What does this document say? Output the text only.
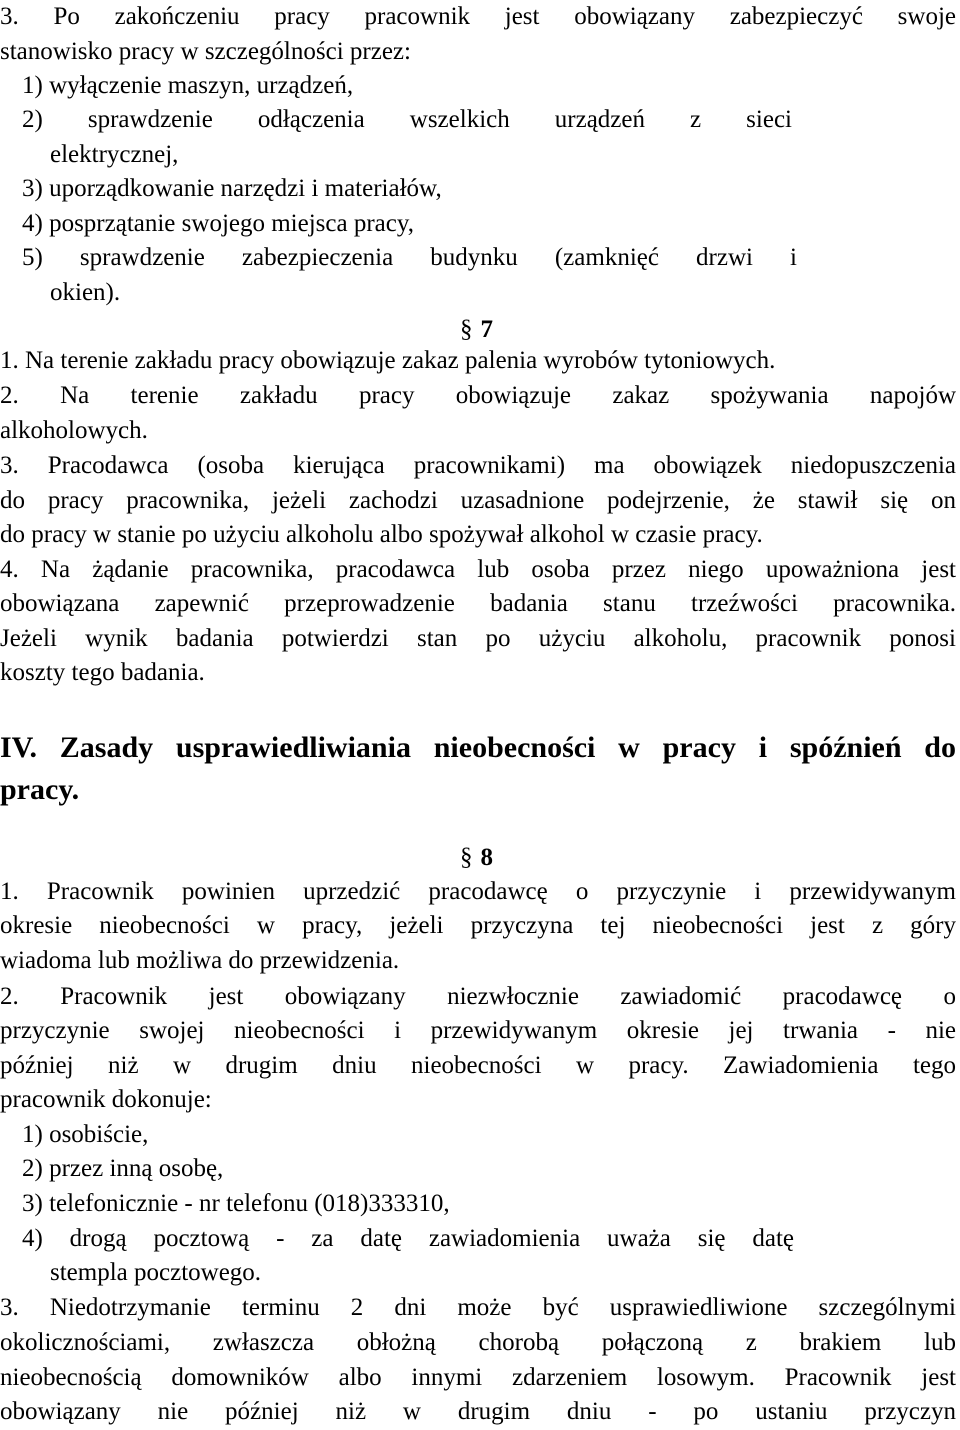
3. Po zakończeniu pracy pracownik jest obowiązany zabezpieczyć swoje
stanowisko pracy w szczególności przez:
1) wyłączenie maszyn, urządzeń,
2) sprawdzenie odłączenia wszelkich urządzeń z sieci
elektrycznej,
3) uporządkowanie narzędzi i materiałów,
4) posprzątanie swojego miejsca pracy,
5) sprawdzenie zabezpieczenia budynku (zamknięć drzwi i
okien).
§ 7
1. Na terenie zakładu pracy obowiązuje zakaz palenia wyrobów tytoniowych.
2. Na terenie zakładu pracy obowiązuje zakaz spożywania napojów
alkoholowych.
3. Pracodawca (osoba kierująca pracownikami) ma obowiązek niedopuszczenia
do pracy pracownika, jeżeli zachodzi uzasadnione podejrzenie, że stawił się on
do pracy w stanie po użyciu alkoholu albo spożywał alkohol w czasie pracy.
4. Na żądanie pracownika, pracodawca lub osoba przez niego upoważniona jest
obowiązana zapewnić przeprowadzenie badania stanu trzeźwości pracownika.
Jeżeli wynik badania potwierdzi stan po użyciu alkoholu, pracownik ponosi
koszty tego badania.
IV. Zasady usprawiedliwiania nieobecności w pracy i spóźnień do
pracy.
§ 8
1. Pracownik powinien uprzedzić pracodawcę o przyczynie i przewidywanym
okresie nieobecności w pracy, jeżeli przyczyna tej nieobecności jest z góry
wiadoma lub możliwa do przewidzenia.
2. Pracownik jest obowiązany niezwłocznie zawiadomić pracodawcę o
przyczynie swojej nieobecności i przewidywanym okresie jej trwania - nie
później niż w drugim dniu nieobecności w pracy. Zawiadomienia tego
pracownik dokonuje:
1) osobiście,
2) przez inną osobę,
3) telefonicznie - nr telefonu (018)333310,
4) drogą pocztową - za datę zawiadomienia uważa się datę
stempla pocztowego.
3. Niedotrzymanie terminu 2 dni może być usprawiedliwione szczególnymi
okolicznościami, zwłaszcza obłożną chorobą połączoną z brakiem lub
nieobecnością domowników albo innymi zdarzeniem losowym. Pracownik jest
obowiązany nie później niż w drugim dniu - po ustaniu przyczyn
